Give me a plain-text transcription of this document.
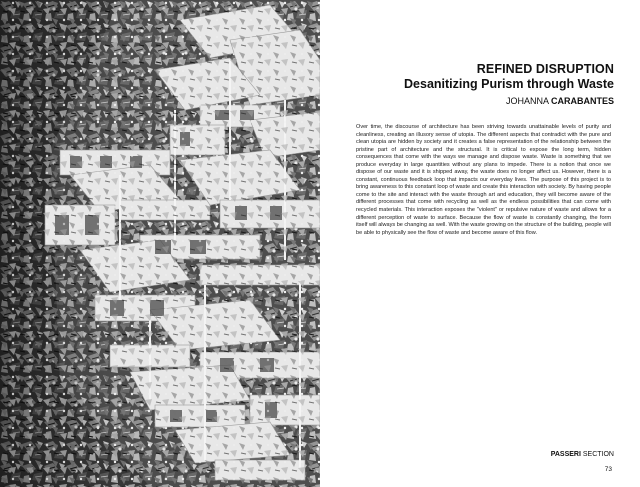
REFINED DISRUPTION
Desanitizing Purism through Waste

JOHANNA CARABANTES

Over time, the discourse of architecture has been striving towards unattainable levels of purity and cleanliness, creating an illusory sense of utopia. The different aspects that contradict with the pure and clean utopia are hidden by society and it creates a false representation of the relationship between the pristine part of architecture and the structural. It is critical to expose the long term, hidden consequences that come with the ways we manage and dispose waste. Waste is something that we produce everyday in large quantities without any plans to impede. There is a notion that once we dispose of our waste and it is shipped away, the waste does no longer affect us. However, there is a constant, continuous feedback loop that impacts our everyday lives. The purpose of this project is to bring awareness to this constant loop of waste and create this interaction with society. By having people come to the site and interact with the waste through art and education, they will become aware of the different processes that come with recycling as well as the endless possibilities that can come with recycled materials. This interaction exposes the "violent" or repulsive nature of waste and allows for a different perception of waste to surface. Because the flow of waste is constantly changing, the form itself will always be changing as well. With the waste growing on the structure of the building, people will be able to physically see the flow of waste and become aware of this flow.

PASSERI SECTION

73
